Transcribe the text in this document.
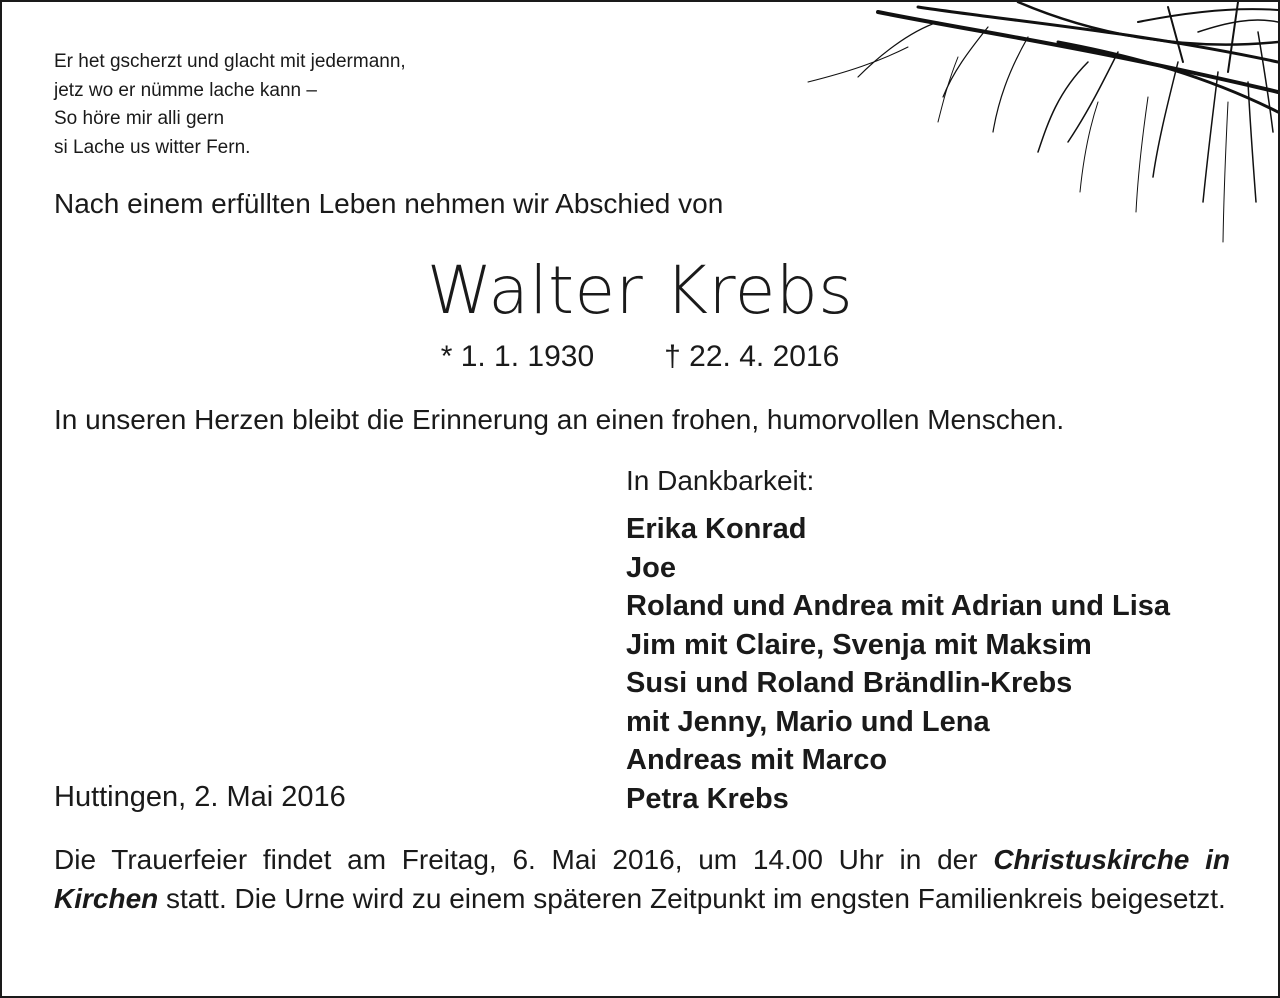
Er het gscherzt und glacht mit jedermann,
jetz wo er nümme lache kann –
So höre mir alli gern
si Lache us witter Fern.
Nach einem erfüllten Leben nehmen wir Abschied von
Walter Krebs
* 1. 1. 1930 † 22. 4. 2016
In unseren Herzen bleibt die Erinnerung an einen frohen, humorvollen Menschen.
In Dankbarkeit:
Erika Konrad
Joe
Roland und Andrea mit Adrian und Lisa
Jim mit Claire, Svenja mit Maksim
Susi und Roland Brändlin-Krebs
mit Jenny, Mario und Lena
Andreas mit Marco
Petra Krebs
Huttingen, 2. Mai 2016
Die Trauerfeier findet am Freitag, 6. Mai 2016, um 14.00 Uhr in der Christuskirche in Kirchen statt. Die Urne wird zu einem späteren Zeitpunkt im engsten Familienkreis beigesetzt.
